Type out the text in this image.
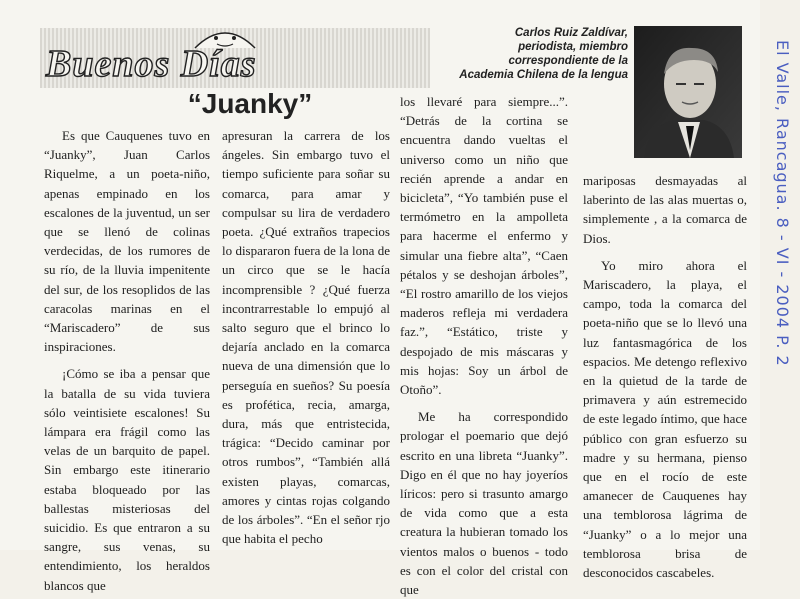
Buenos Días
“Juanky”
Carlos Ruiz Zaldívar,
periodista, miembro
correspondiente de la
Academia Chilena de la lengua

Es que Cauquenes tuvo en “Juanky”, Juan Carlos Riquelme, a un poeta-niño, apenas empinado en los escalones de la juventud, un ser que se llenó de colinas verdecidas, de los rumores de su río, de la lluvia impenitente del sur, de los resoplidos de las caracolas marinas en el “Mariscadero” de sus inspiraciones.

¡Cómo se iba a pensar que la batalla de su vida tuviera sólo veintisiete escalones! Su lámpara era frágil como las velas de un barquito de papel. Sin embargo este itinerario estaba bloqueado por las ballestas misteriosas del suicidio. Es que entraron a su sangre, sus venas, su entendimiento, los heraldos blancos que

apresuran la carrera de los ángeles. Sin embargo tuvo el tiempo suficiente para soñar su comarca, para amar y compulsar su lira de verdadero poeta. ¿Qué extraños trapecios lo dispararon fuera de la lona de un circo que se le hacía incomprensible ? ¿Qué fuerza incontrarrestable lo empujó al salto seguro que el brinco lo dejaría anclado en la comarca nueva de una dimensión que lo perseguía en sueños? Su poesía es profética, recia, amarga, dura, más que entristecida, trágica: “Decido caminar por otros rumbos”, “También allá existen playas, comarcas, amores y cintas rojas colgando de los árboles”. “En el señor rjo que habita el pecho

los llevaré para siempre...”. “Detrás de la cortina se encuentra dando vueltas el universo como un niño que recién aprende a andar en bicicleta”, “Yo también puse el termómetro en la ampolleta para hacerme el enfermo y simular una fiebre alta”, “Caen pétalos y se deshojan árboles”, “El rostro amarillo de los viejos maderos refleja mi verdadera faz.”, “Estático, triste y despojado de mis máscaras y mis hojas: Soy un árbol de Otoño”.

Me ha correspondido prologar el poemario que dejó escrito en una libreta “Juanky”. Digo en él que no hay joyeríos líricos: pero si trasunto amargo de vida como que a esta creatura la hubieran tomado los vientos malos o buenos - todo es con el color del cristal con que

mariposas desmayadas al laberinto de las alas muertas o, simplemente , a la comarca de Dios.

Yo miro ahora el Mariscadero, la playa, el campo, toda la comarca del poeta-niño que se lo llevó una luz fantasmagórica de los espacios. Me detengo reflexivo en la quietud de la tarde de primavera y aún estremecido de este legado íntimo, que hace público con gran esfuerzo su madre y su hermana, pienso que en el rocío de este amanecer de Cauquenes hay una temblorosa lágrima de “Juanky” o a lo mejor una temblorosa brisa de desconocidos cascabeles.

El Valle, Rancagua. 8 - VI - 2004 P. 2
